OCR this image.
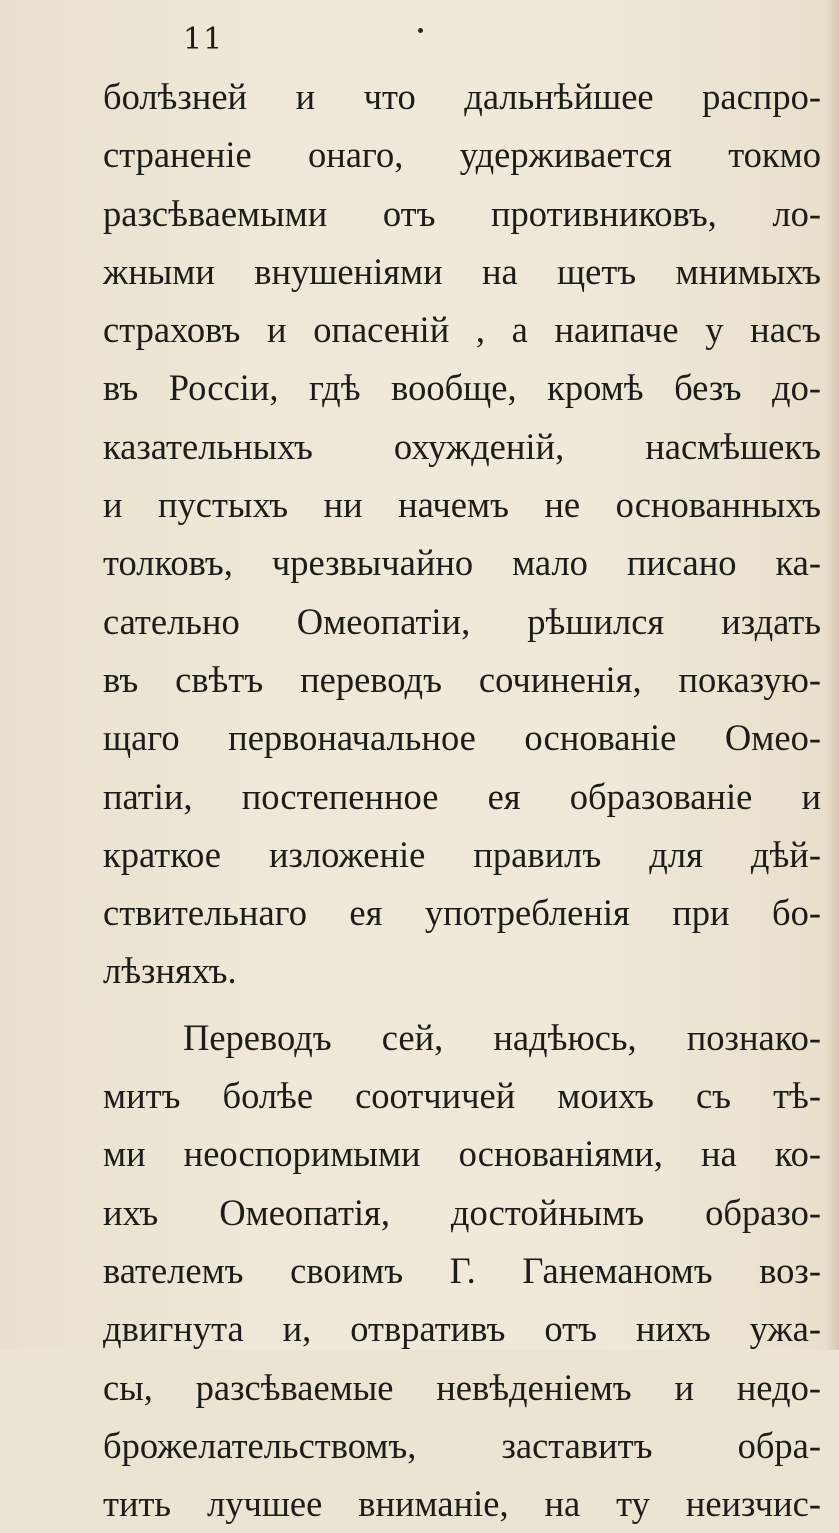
11
болѣзней и что дальнѣйшее распро-
страненіе онаго, удерживается токмо
разсѣваемыми отъ противниковъ, ло-
жными внушеніями на щетъ мнимыхъ
страховъ и опасеній , а наипаче у насъ
въ Россіи, гдѣ вообще, кромѣ безъ до-
казательныхъ охужденій, насмѣшекъ
и пустыхъ ни начемъ не основанныхъ
толковъ, чрезвычайно мало писано ка-
сательно Омеопатіи, рѣшился издать
въ свѣтъ переводъ сочиненія, показую-
щаго первоначальное основаніе Омео-
патіи, постепенное ея образованіе и
краткое изложеніе правилъ для дѣй-
ствительнаго ея употребленія при бо-
лѣзняхъ.
Переводъ сей, надѣюсь, познако-
митъ болѣе соотчичей моихъ съ тѣ-
ми неоспоримыми основаніями, на ко-
ихъ Омеопатія, достойнымъ образо-
вателемъ своимъ Г. Ганеманомъ воз-
двигнута и, отвративъ отъ нихъ ужа-
сы, разсѣваемые невѣденіемъ и недо-
брожелательствомъ, заставитъ обра-
тить лучшее вниманіе, на ту неизчис-
